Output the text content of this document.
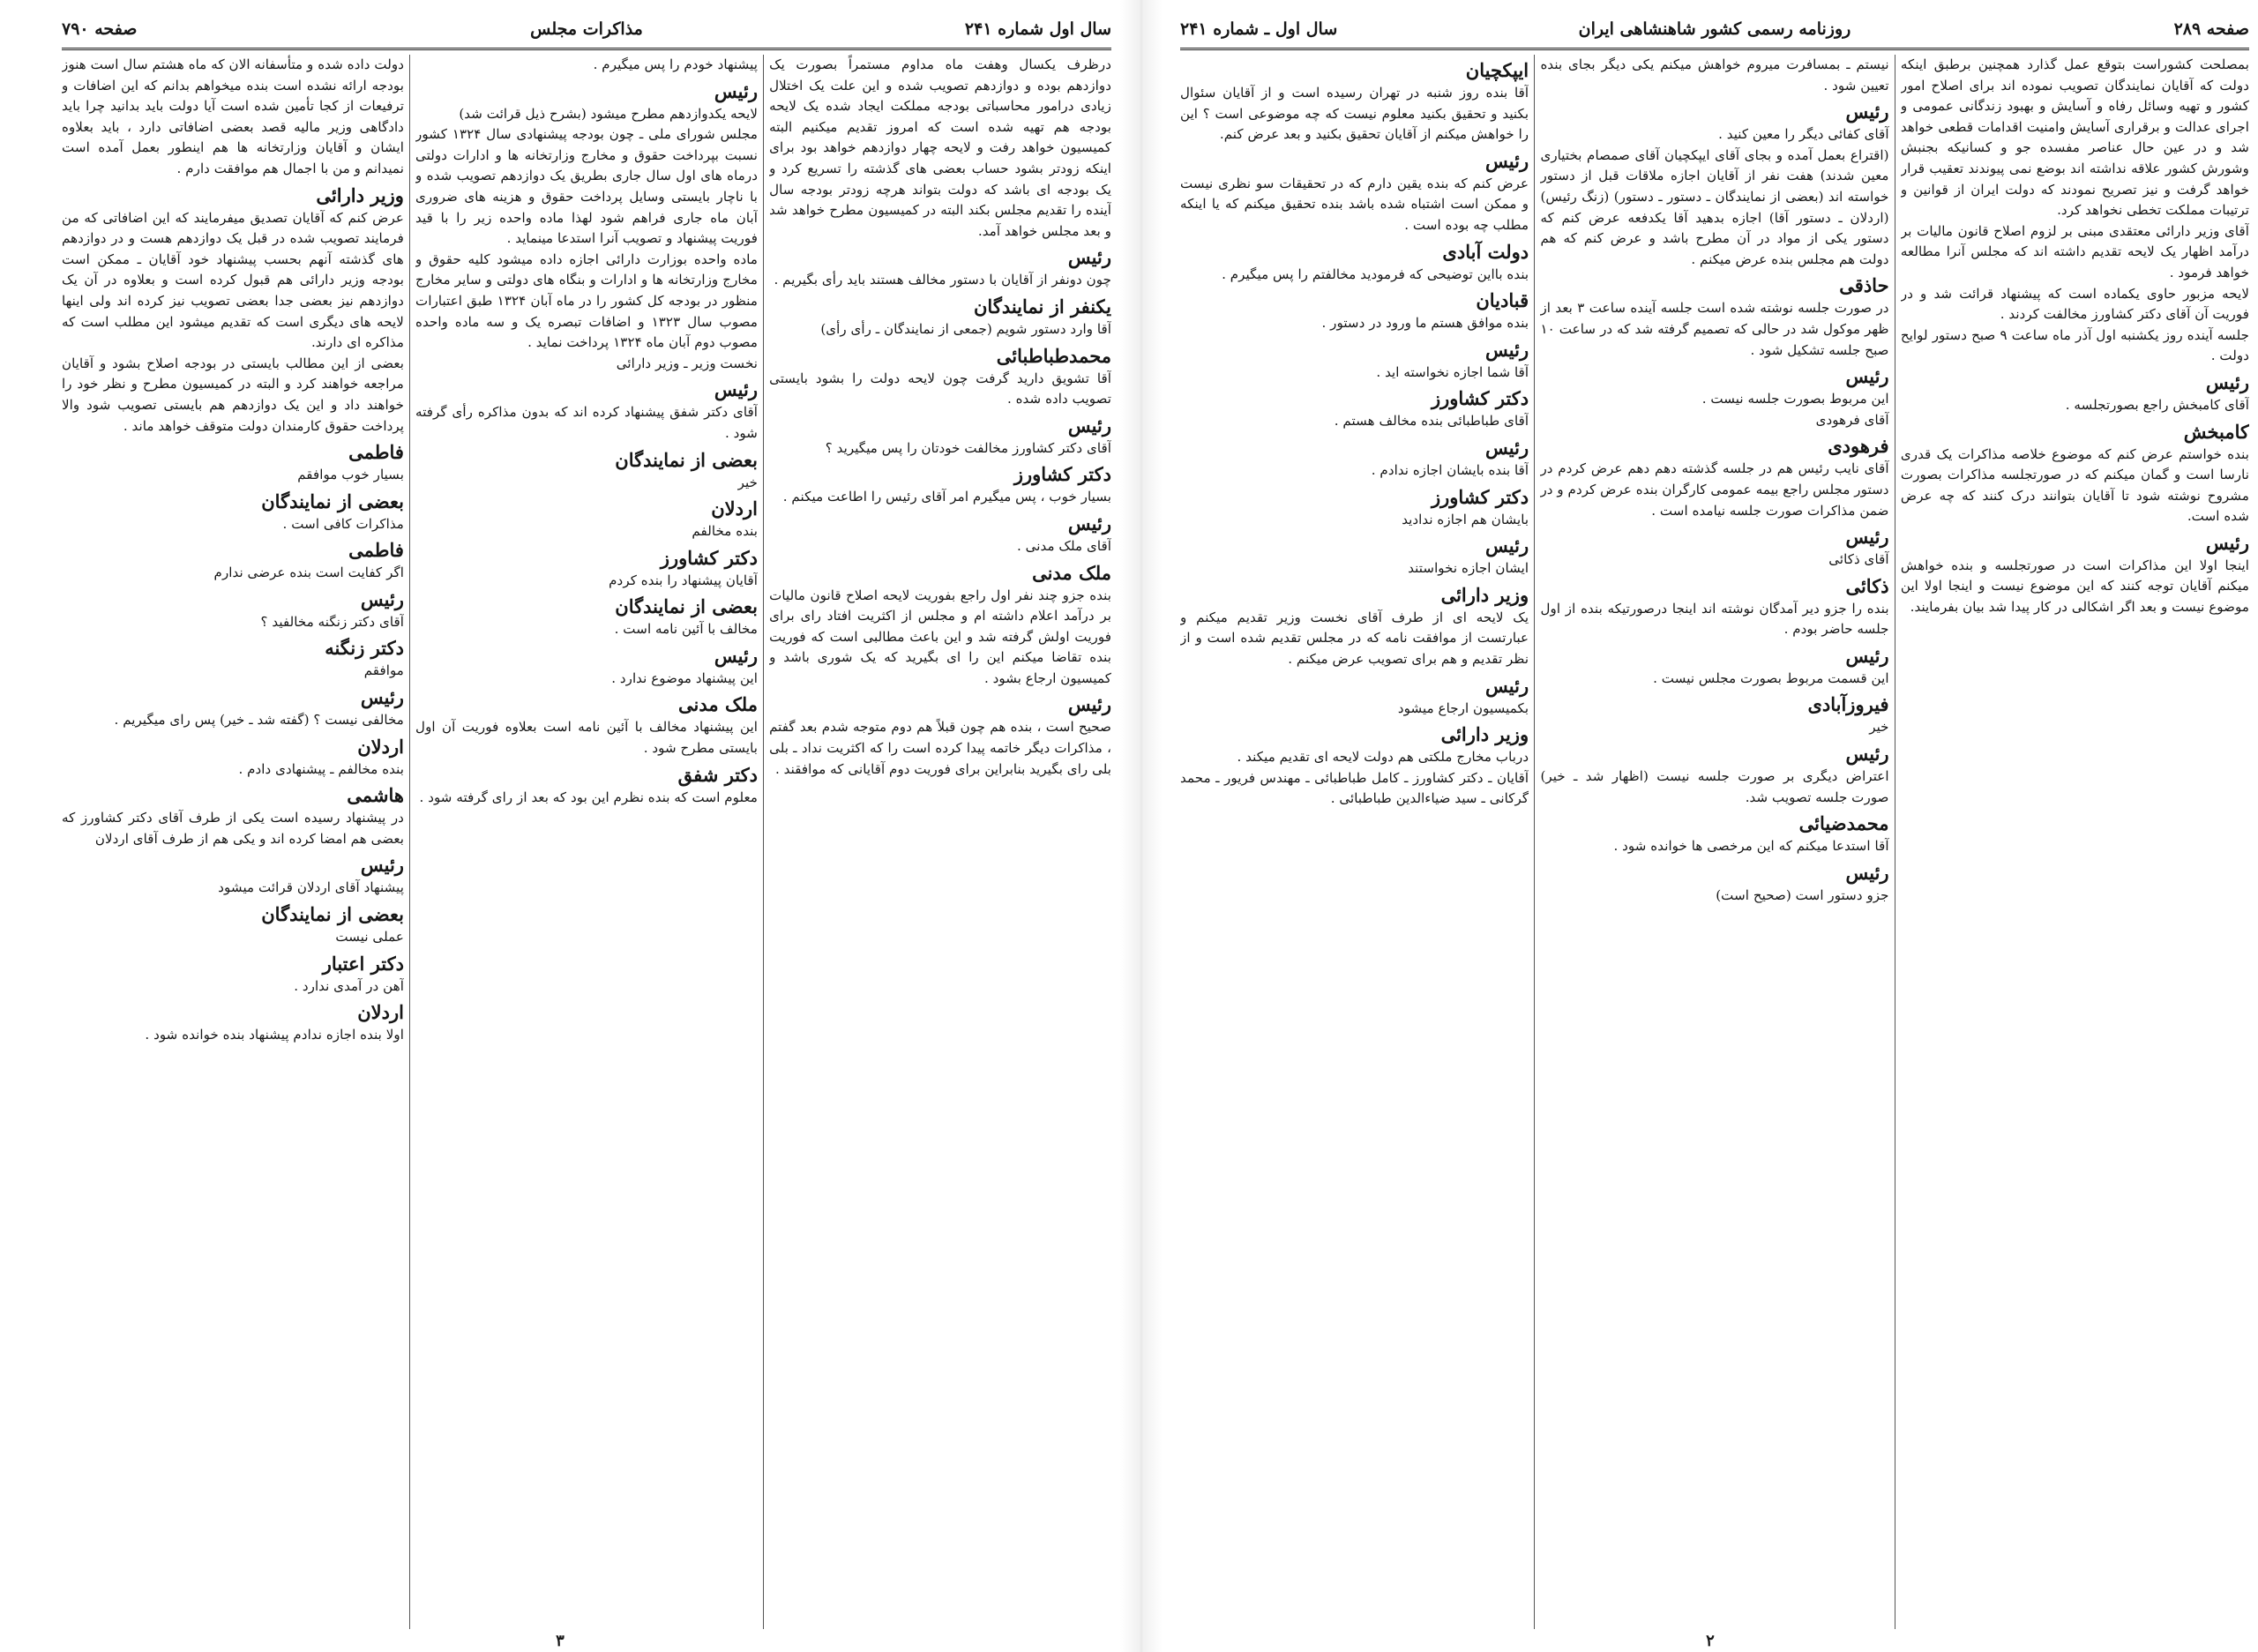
صفحه ۷۹۰	مذاکرات مجلس	سال اول شماره ۲۴۱

درظرف یکسال وهفت ماه مداوم مستمراً بصورت یک دوازدهم بوده و دوازدهم تصویب شده و این علت یک اختلال زیادی درامور محاسباتی بودجه مملکت ایجاد شده یک لایحه بودجه هم تهیه شده است که امروز تقدیم میکنیم البته کمیسیون خواهد رفت و لایحه چهار دوازدهم خواهد بود برای اینکه زودتر بشود حساب بعضی های گذشته را تسریع کرد و یک بودجه ای باشد که دولت بتواند هرچه زودتر بودجه سال آینده را تقدیم مجلس بکند البته در کمیسیون مطرح خواهد شد و بعد مجلس خواهد آمد.

رئیس
چون دونفر از آقایان با دستور مخالف هستند باید رأی بگیریم .

یکنفر از نمایندگان
آقا وارد دستور شویم (جمعی از نمایندگان ـ رأی رأی)

محمدطباطبائی
آقا تشویق دارید گرفت چون لایحه دولت را بشود بایستی تصویب داده شده .

رئیس
آقای دکتر کشاورز مخالفت خودتان را پس میگیرید ؟

دکتر کشاورز
بسیار خوب ، پس میگیرم امر آقای رئیس را اطاعت میکنم .

رئیس
آقای ملک مدنی .

ملک مدنی
بنده جزو چند نفر اول راجع بفوریت لایحه اصلاح قانون مالیات بر درآمد اعلام داشته ام و مجلس از اکثریت افتاد رای برای فوریت اولش گرفته شد و این باعث مطالبی است که فوریت بنده تقاضا میکنم این را ای بگیرید که یک شوری باشد و کمیسیون ارجاع بشود .

رئیس
صحیح است ، بنده هم چون قبلاً هم دوم متوجه شدم بعد گفتم ، مذاکرات دیگر خاتمه پیدا کرده است را که اکثریت نداد ـ بلی بلی رای بگیرید بنابراین برای فوریت دوم آقایانی که موافقند .

پیشنهاد خودم را پس میگیرم .

رئیس
لایحه یکدوازدهم مطرح میشود (بشرح ذیل قرائت شد)

مجلس شورای ملی ـ چون بودجه پیشنهادی سال ۱۳۲۴ کشور نسبت بپرداخت حقوق و مخارج وزارتخانه ها و ادارات دولتی درماه های اول سال جاری بطریق یک دوازدهم تصویب شده و با ناچار بایستی وسایل پرداخت حقوق و هزینه های ضروری آبان ماه جاری فراهم شود لهذا ماده واحده زیر را با قید فوریت پیشنهاد و تصویب آنرا استدعا مینماید .

ماده واحده بوزارت دارائی اجازه داده میشود کلیه حقوق و مخارج وزارتخانه ها و ادارات و بنگاه های دولتی و سایر مخارج منظور در بودجه کل کشور را در ماه آبان ۱۳۲۴ طبق اعتبارات مصوب سال ۱۳۲۳ و اضافات تبصره یک و سه ماده واحده مصوب دوم آبان ماه ۱۳۲۴ پرداخت نماید .

نخست وزیر ـ وزیر دارائی

رئیس
آقای دکتر شفق پیشنهاد کرده اند که بدون مذاکره رأی گرفته شود .

بعضی از نمایندگان
خیر

اردلان
بنده مخالفم

دکتر کشاورز
آقایان پیشنهاد را بنده کردم

بعضی از نمایندگان
مخالف با آئین نامه است .

رئیس
این پیشنهاد موضوع ندارد .

ملک مدنی
این پیشنهاد مخالف با آئین نامه است بعلاوه فوریت آن اول بایستی مطرح شود .

دکتر شفق
معلوم است که بنده نظرم این بود که بعد از رای گرفته شود .

دولت داده شده و متأسفانه الان که ماه هشتم سال است هنوز بودجه ارائه نشده است بنده میخواهم بدانم که این اضافات و ترفیعات از کجا تأمین شده است آیا دولت باید بدانید چرا باید دادگاهی وزیر مالیه قصد بعضی اضافاتی دارد ، باید بعلاوه ایشان و آقایان وزارتخانه ها هم اینطور بعمل آمده است نمیدانم و من با اجمال هم موافقت دارم .

وزیر دارائی
عرض کنم که آقایان تصدیق میفرمایند که این اضافاتی که من فرمایند تصویب شده در قبل یک دوازدهم هست و در دوازدهم های گذشته آنهم بحسب پیشنهاد خود آقایان ـ ممکن است بودجه وزیر دارائی هم قبول کرده است و بعلاوه در آن یک دوازدهم نیز بعضی جدا بعضی تصویب نیز کرده اند ولی اینها لایحه های دیگری است که تقدیم میشود این مطلب است که مذاکره ای دارند.

بعضی از این مطالب بایستی در بودجه اصلاح بشود و آقایان مراجعه خواهند کرد و البته در کمیسیون مطرح و نظر خود را خواهند داد و این یک دوازدهم هم بایستی تصویب شود والا پرداخت حقوق کارمندان دولت متوقف خواهد ماند .

فاطمی
بسیار خوب موافقم

بعضی از نمایندگان
مذاکرات کافی است .

فاطمی
اگر کفایت است بنده عرضی ندارم

رئیس
آقای دکتر زنگنه مخالفید ؟

دکتر زنگنه
موافقم

رئیس
مخالفی نیست ؟ (گفته شد ـ خیر) پس رای میگیریم .

اردلان
بنده مخالفم ـ پیشنهادی دادم .

هاشمی
در پیشنهاد رسیده است یکی از طرف آقای دکتر کشاورز که بعضی هم امضا کرده اند و یکی هم از طرف آقای اردلان

رئیس
پیشنهاد آقای اردلان قرائت میشود

بعضی از نمایندگان
عملی نیست

دکتر اعتبار
آهن در آمدی ندارد .

اردلان
اولا بنده اجازه ندادم پیشنهاد بنده خوانده شود .

۳
سال اول ـ شماره ۲۴۱	روزنامه رسمی کشور شاهنشاهی ایران	صفحه ۲۸۹

بمصلحت کشوراست بتوقع عمل گذارد همچنین برطبق اینکه دولت که آقایان نمایندگان تصویب نموده اند برای اصلاح امور کشور و تهیه وسائل رفاه و آسایش و بهبود زندگانی عمومی و اجرای عدالت و برقراری آسایش وامنیت اقدامات قطعی خواهد شد و در عین حال عناصر مفسده جو و کسانیکه بجنبش وشورش کشور علاقه نداشته اند بوضع نمی پیوندند تعقیب قرار خواهد گرفت و نیز تصریح نمودند که دولت ایران از قوانین و ترتیبات مملکت تخطی نخواهد کرد.

آقای وزیر دارائی معتقدی مبنی بر لزوم اصلاح قانون مالیات بر درآمد اظهار یک لایحه تقدیم داشته اند که مجلس آنرا مطالعه خواهد فرمود .

لایحه مزبور حاوی یکماده است که پیشنهاد قرائت شد و در فوریت آن آقای دکتر کشاورز مخالفت کردند .

جلسه آینده روز یکشنبه اول آذر ماه ساعت ۹ صبح دستور لوایح دولت .

رئیس
آقای کامبخش راجع بصورتجلسه .

کامبخش
بنده خواستم عرض کنم که موضوع خلاصه مذاکرات یک قدری نارسا است و گمان میکنم که در صورتجلسه مذاکرات بصورت مشروح نوشته شود تا آقایان بتوانند درک کنند که چه عرض شده است.

رئیس
اینجا اولا این مذاکرات است در صورتجلسه و بنده خواهش میکنم آقایان توجه کنند که این موضوع نیست و اینجا اولا این موضوع نیست و بعد اگر اشکالی در کار پیدا شد بیان بفرمایند.

نیستم ـ بمسافرت میروم خواهش میکنم یکی دیگر بجای بنده تعیین شود .

رئیس
آقای کفائی دیگر را معین کنید .

(اقتراع بعمل آمده و بجای آقای ایپکچیان آقای صمصام بختیاری معین شدند) هفت نفر از آقایان اجازه ملاقات قبل از دستور خواسته اند (بعضی از نمایندگان ـ دستور ـ دستور) (زنگ رئیس) (اردلان ـ دستور آقا) اجازه بدهید آقا یکدفعه عرض کنم که دستور یکی از مواد در آن مطرح باشد و عرض کنم که هم دولت هم مجلس بنده عرض میکنم .

حاذقی
در صورت جلسه نوشته شده است جلسه آینده ساعت ۳ بعد از ظهر موکول شد در حالی که تصمیم گرفته شد که در ساعت ۱۰ صبح جلسه تشکیل شود .

رئیس
این مربوط بصورت جلسه نیست .

آقای فرهودی

فرهودی
آقای نایب رئیس هم در جلسه گذشته دهم دهم عرض کردم در دستور مجلس راجع بیمه عمومی کارگران بنده عرض کردم و در ضمن مذاکرات صورت جلسه نیامده است .

رئیس
آقای ذکائی

ذکائی
بنده را جزو دیر آمدگان نوشته اند اینجا درصورتیکه بنده از اول جلسه حاضر بودم .

رئیس
این قسمت مربوط بصورت مجلس نیست .

فیروزآبادی
خیر

رئیس
اعتراض دیگری بر صورت جلسه نیست (اظهار شد ـ خیر) صورت جلسه تصویب شد.

محمدضیائی
آقا استدعا میکنم که این مرخصی ها خوانده شود .

رئیس
جزو دستور است (صحیح است)

ایپکچیان
آقا بنده روز شنبه در تهران رسیده است و از آقایان سئوال بکنید و تحقیق بکنید معلوم نیست که چه موضوعی است ؟ این را خواهش میکنم از آقایان تحقیق بکنید و بعد عرض کنم.

رئیس
عرض کنم که بنده یقین دارم که در تحقیقات سو نظری نیست و ممکن است اشتباه شده باشد بنده تحقیق میکنم که یا اینکه مطلب چه بوده است .

دولت آبادی
بنده بااین توضیحی که فرمودید مخالفتم را پس میگیرم .

قبادیان
بنده موافق هستم ما ورود در دستور .

رئیس
آقا شما اجازه نخواسته اید .

دکتر کشاورز
آقای طباطبائی بنده مخالف هستم .

رئیس
آقا بنده بایشان اجازه ندادم .

دکتر کشاورز
بایشان هم اجازه ندادید

رئیس
ایشان اجازه نخواستند

وزیر دارائی
یک لایحه ای از طرف آقای نخست وزیر تقدیم میکنم و عبارتست از موافقت نامه که در مجلس تقدیم شده است و از نظر تقدیم و هم برای تصویب عرض میکنم .

رئیس
بکمیسیون ارجاع میشود

وزیر دارائی
درباب مخارج ملکتی هم دولت لایحه ای تقدیم میکند .

آقایان ـ دکتر کشاورز ـ کامل طباطبائی ـ مهندس فریور ـ محمد گرکانی ـ سید ضیاءالدین طباطبائی .

۲
